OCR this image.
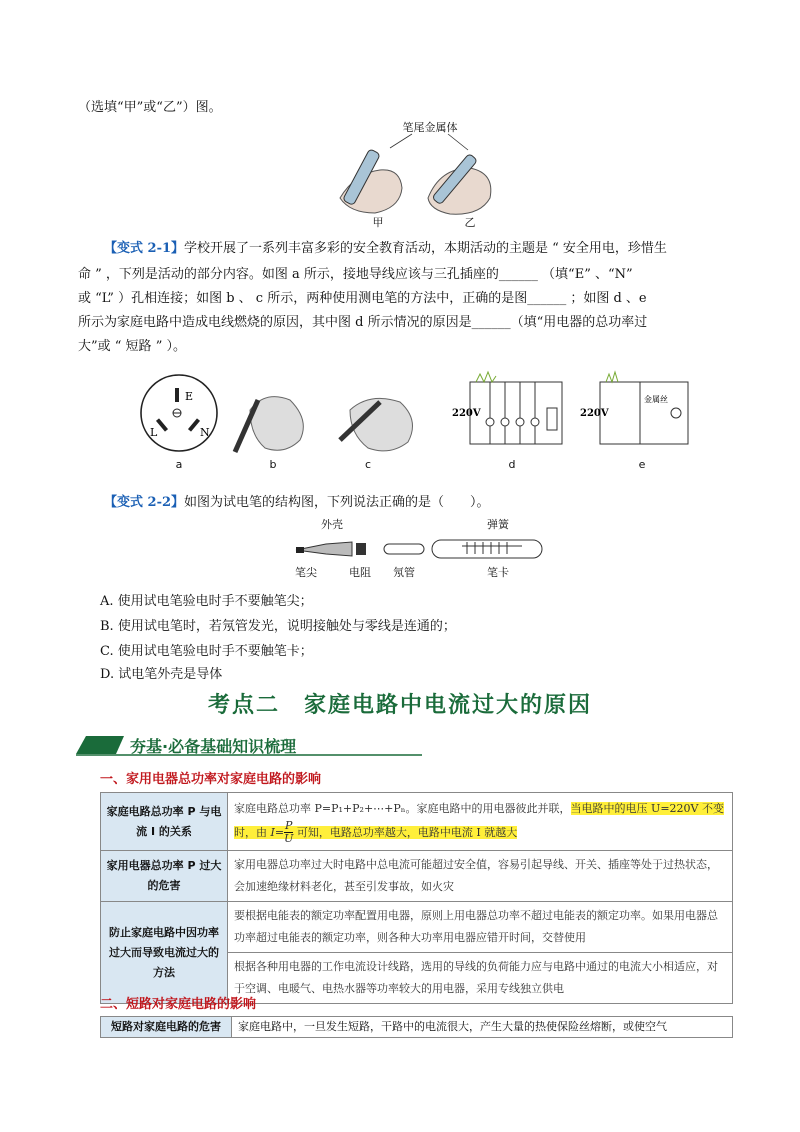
（选填“甲”或“乙”）图。
笔尾金属体
甲	乙
【变式 2-1】学校开展了一系列丰富多彩的安全教育活动，本期活动的主题是 “ 安全用电，珍惜生
命 ” ，下列是活动的部分内容。如图 a 所示，接地导线应该与三孔插座的______ （填“E” 、“N”
或 “L” ）孔相连接；如图 b 、 c 所示，两种使用测电笔的方法中，正确的是图______ ；如图 d 、e
所示为家庭电路中造成电线燃烧的原因，其中图 d 所示情况的原因是______（填“用电器的总功率过
大”或 “ 短路 ” ）。
E
L	N
220V	220V
金属丝
a	b	c	d	e
【变式 2-2】如图为试电笔的结构图，下列说法正确的是（　　）。
外壳	弹簧
笔尖	电阻 氖管	笔卡
A. 使用试电笔验电时手不要触笔尖；
B. 使用试电笔时，若氖管发光，说明接触处与零线是连通的；
C. 使用试电笔验电时手不要触笔卡；
D. 试电笔外壳是导体
考点二　家庭电路中电流过大的原因
夯基·必备基础知识梳理
一、家用电器总功率对家庭电路的影响
家庭电路总功率 P 与电流 I 的关系	家庭电路总功率 P=P₁+P₂+⋯+Pₙ。家庭电路中的用电器彼此并联，当电路中的电压 U=220V 不变
时，由 $I= \frac{P}{U}$ 可知，电路总功率越大，电路中电流 I 就越大
家用电器总功率 P 过大的危害	家用电器总功率过大时电路中总电流可能超过安全值，容易引起导线、开关、插座等处于过热状态，会加速绝缘材料老化，甚至引发事故，如火灾
防止家庭电路中因功率过大而导致电流过大的方法	要根据电能表的额定功率配置用电器，原则上用电器总功率不超过电能表的额定功率。如果用电器总功率超过电能表的额定功率，则各种大功率用电器应错开时间，交替使用
	根据各种用电器的工作电流设计线路，选用的导线的负荷能力应与电路中通过的电流大小相适应，对于空调、电暖气、电热水器等功率较大的用电器，采用专线独立供电
二、短路对家庭电路的影响
短路对家庭电路的危害	家庭电路中，一旦发生短路，干路中的电流很大，产生大量的热使保险丝熔断，或使空气
